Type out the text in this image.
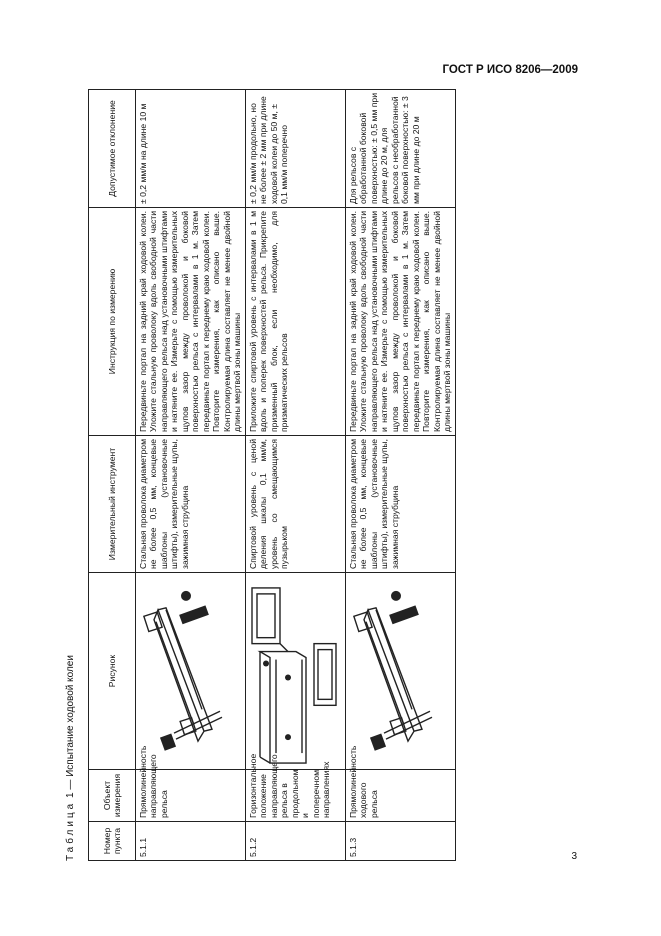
ГОСТ Р ИСО 8206—2009
Таблица 1 — Испытание ходовой колеи
Номер пункта	Объект измерения	Рисунок	Измерительный инструмент	Инструкция по измерению	Допустимое отклонение
5.1.1	Прямолинейность направляющего рельса		Стальная проволока диаметром не более 0,5 мм, концевые шаблоны (установочные штифты), измерительные щупы, зажимная струбцина	Передвиньте портал на задний край ходовой колеи. Уложите стальную проволоку вдоль свободной части направляющего рельса над установочными штифтами и натяните ее. Измерьте с помощью измерительных щупов зазор между проволокой и боковой поверхностью рельса с интервалами в 1 м. Затем передвиньте портал к переднему краю ходовой колеи. Повторите измерения, как описано выше. Контролируемая длина составляет не менее двойной длины мертвой зоны машины	± 0,2 мм/м на длине 10 м
5.1.2	Горизонтальное положение направляющего рельса в продольном и поперечном направлениях		Спиртовой уровень с ценой деления шкалы 0,1 мм/м, уровень со смещающимся пузырьком	Приложите спиртовой уровень с интервалами в 1 м вдоль и поперек поверхностей рельса. Прикрепите призменный блок, если необходимо, для призматических рельсов	± 0,2 мм/м продольно, но не более ± 2 мм при длине ходовой колеи до 50 м, ± 0,1 мм/м поперечно
5.1.3	Прямолинейность ходового рельса		Стальная проволока диаметром не более 0,5 мм, концевые шаблоны (установочные штифты), измерительные щупы, зажимная струбцина	Передвиньте портал на задний край ходовой колеи. Уложите стальную проволоку вдоль свободной части направляющего рельса над установочными штифтами и натяните ее. Измерьте с помощью измерительных щупов зазор между проволокой и боковой поверхностью рельса с интервалами в 1 м. Затем передвиньте портал к переднему краю ходовой колеи. Повторите измерения, как описано выше. Контролируемая длина составляет не менее двойной длины мертвой зоны машины	Для рельсов с обработанной боковой поверхностью: ± 0,5 мм при длине до 20 м, для рельсов с необработанной боковой поверхностью: ± 3 мм при длине до 20 м
3
